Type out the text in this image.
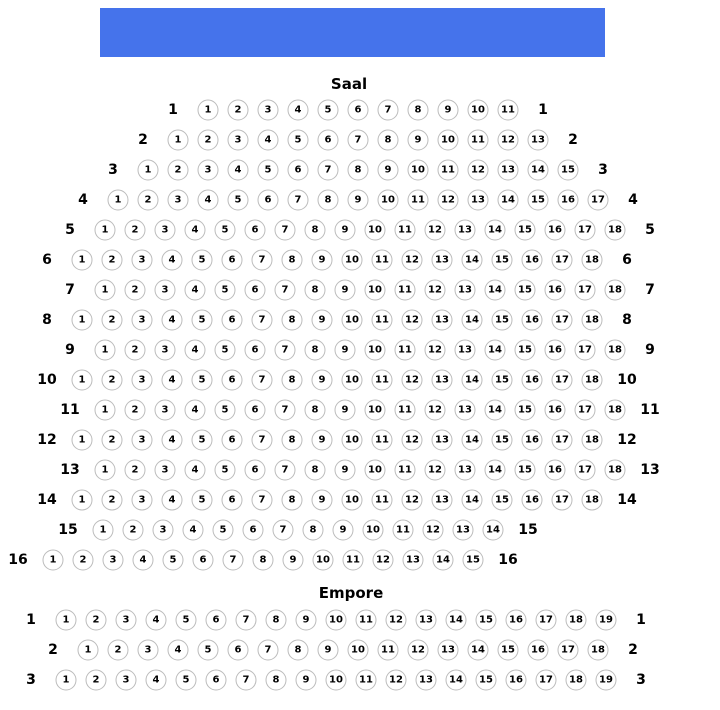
Saal
1	1	2	3	4	5	6	7	8	9	10	11 1
2	1	2	3	4	5	6	7	8	9	10	11	12	13 2
3	1	2	3	4	5	6	7	8	9	10	11	12	13	14	15 3
4	1	2	3	4	5	6	7	8	9	10	11	12	13	14	15	16	17 4
5	1	2	3	4	5	6	7	8	9	10	11	12	13	14	15	16	17	18 5
6	1	2	3	4	5	6	7	8	9	10	11	12	13	14	15	16	17	18 6
7	1	2	3	4	5	6	7	8	9	10	11	12	13	14	15	16	17	18 7
8	1	2	3	4	5	6	7	8	9	10	11	12	13	14	15	16	17	18 8
9	1	2	3	4	5	6	7	8	9	10	11	12	13	14	15	16	17	18 9
10	1	2	3	4	5	6	7	8	9	10	11	12	13	14	15	16	17	18 10
11	1	2	3	4	5	6	7	8	9	10	11	12	13	14	15	16	17	18 11
12	1	2	3	4	5	6	7	8	9	10	11	12	13	14	15	16	17	18 12
13	1	2	3	4	5	6	7	8	9	10	11	12	13	14	15	16	17	18 13
14	1	2	3	4	5	6	7	8	9	10	11	12	13	14	15	16	17	18 14
15	1	2	3	4	5	6	7	8	9	10	11	12	13	14 15
16	1	2	3	4	5	6	7	8	9	10	11	12	13	14	15 16
Empore
1	1	2	3	4	5	6	7	8	9	10	11	12	13	14	15	16	17	18	19 1
2	1	2	3	4	5	6	7	8	9	10	11	12	13	14	15	16	17	18 2
3	1	2	3	4	5	6	7	8	9	10	11	12	13	14	15	16	17	18	19 3
